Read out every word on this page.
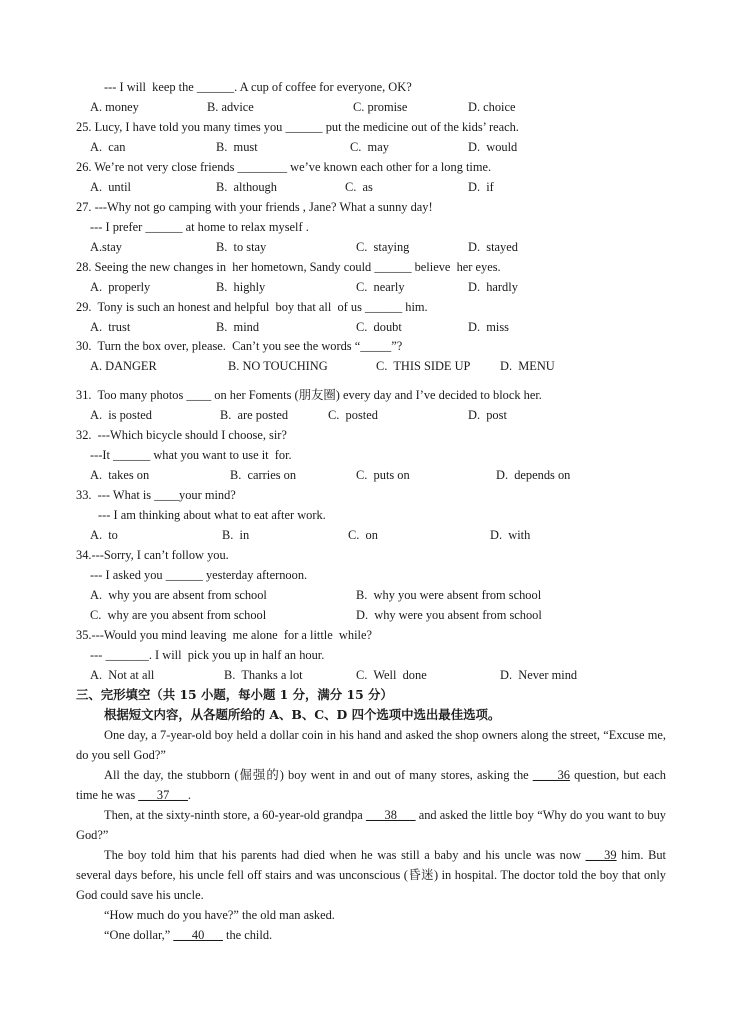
--- I will  keep the ______. A cup of coffee for everyone, OK?
A. money	B. advice	C. promise	D. choice
25. Lucy, I have told you many times you ______ put the medicine out of the kids’ reach.
A.  can	B.  must	C.  may	D.  would
26. We’re not very close friends ________ we’ve known each other for a long time.
A.  until	B.  although	C.  as	D.  if
27. ---Why not go camping with your friends , Jane? What a sunny day!
--- I prefer ______ at home to relax myself .
A.stay	B.  to stay	C.  staying	D.  stayed
28. Seeing the new changes in  her hometown, Sandy could ______ believe  her eyes.
A.  properly	B.  highly	C.  nearly	D.  hardly
29.  Tony is such an honest and helpful  boy that all  of us ______ him.
A.  trust	B.  mind	C.  doubt	D.  miss
30.  Turn the box over, please.  Can’t you see the words “_____”?
A. DANGER	B. NO TOUCHING	C.  THIS SIDE UP D.  MENU
31.  Too many photos ____ on her Foments (朋友圈) every day and I’ve decided to block her.
A.  is posted	B.  are posted	C.  posted	D.  post
32.  ---Which bicycle should I choose, sir?
---It ______ what you want to use it  for.
A.  takes on	B.  carries on	C.  puts on	D.  depends on
33.  --- What is ____your mind?
--- I am thinking about what to eat after work.
A.  to	B.  in	C.  on	D.  with
34.---Sorry, I can’t follow you.
--- I asked you ______ yesterday afternoon.
A.  why you are absent from school	B.  why you were absent from school
C.  why are you absent from school	D.  why were you absent from school
35.---Would you mind leaving  me alone  for a little  while?
--- _______. I will  pick you up in half an hour.
A.  Not at all	B.  Thanks a lot	C.  Well  done	D.  Never mind
三、完形填空（共 15 小题，每小题 1 分，满分 15 分）
根据短文内容，从各题所给的 A、B、C、D 四个选项中选出最佳选项。
One day, a 7-year-old boy held a dollar coin in his hand and asked the shop owners along the street, “Excuse me, do you sell God?”
All the day, the stubborn (倔强的) boy went in and out of many stores, asking the ____36 question, but each time he was ___37___.
Then, at the sixty-ninth store, a 60-year-old grandpa ___38___ and asked the little boy “Why do you want to buy God?”
The boy told him that his parents had died when he was still a baby and his uncle was now ___39 him. But several days before, his uncle fell off stairs and was unconscious (昏迷) in hospital. The doctor told the boy that only God could save his uncle.
“How much do you have?” the old man asked.
“One dollar,” ___40___ the child.
